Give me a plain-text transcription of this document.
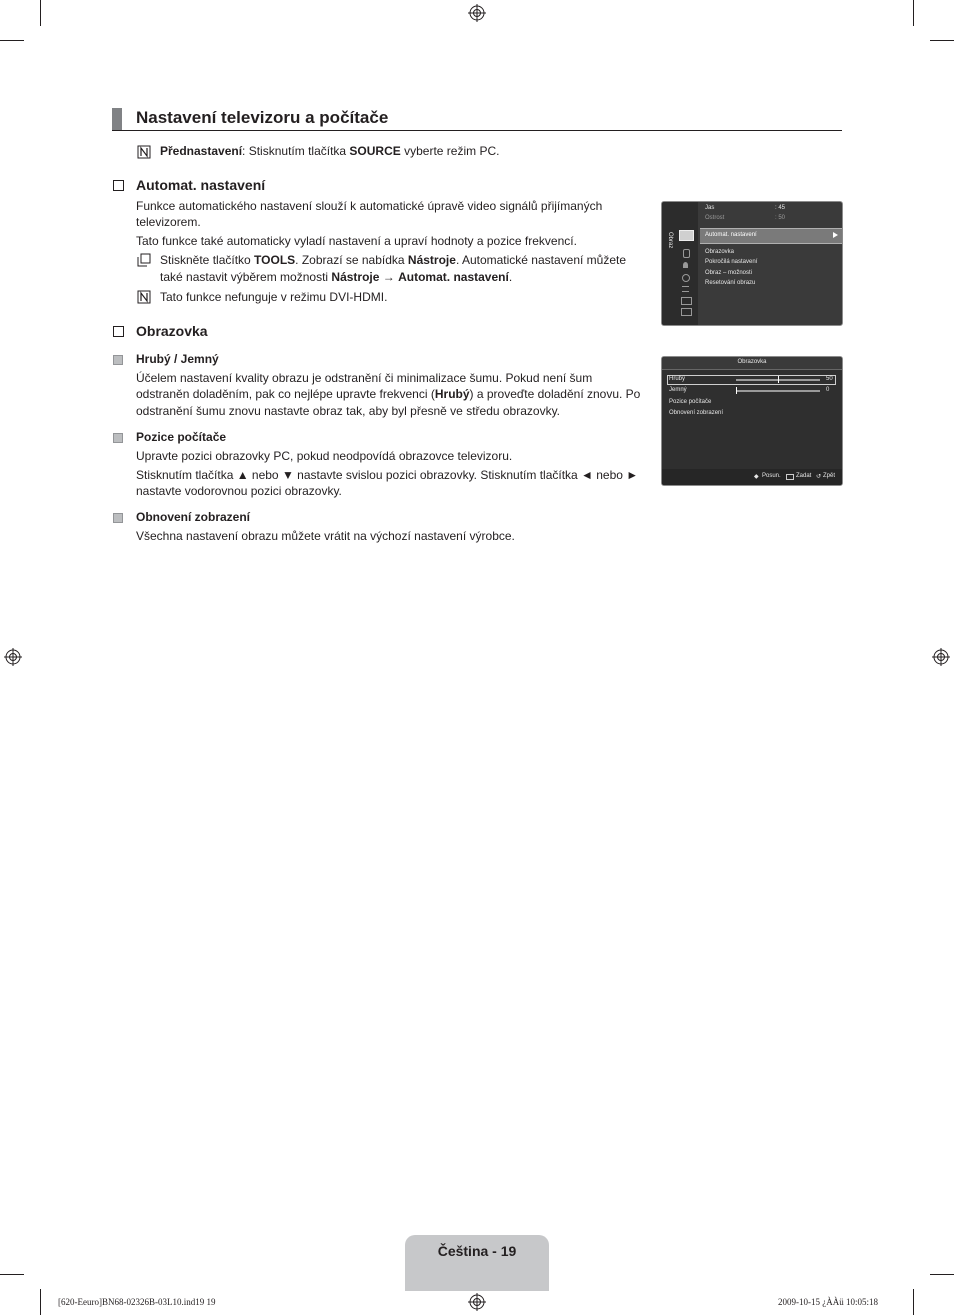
Nastavení televizoru a počítače
Přednastavení: Stisknutím tlačítka SOURCE vyberte režim PC.
Automat. nastavení
Funkce automatického nastavení slouží k automatické úpravě video signálů přijímaných
televizorem.
Tato funkce také automaticky vyladí nastavení a upraví hodnoty a pozice frekvencí.
Stiskněte tlačítko TOOLS. Zobrazí se nabídka Nástroje. Automatické nastavení můžete
také nastavit výběrem možnosti Nástroje → Automat. nastavení.
Tato funkce nefunguje v režimu DVI-HDMI.
Obrazovka
Hrubý / Jemný
Účelem nastavení kvality obrazu je odstranění či minimalizace šumu. Pokud není šum
odstraněn doladěním, pak co nejlépe upravte frekvenci (Hrubý) a proveďte doladění znovu. Po
odstranění šumu znovu nastavte obraz tak, aby byl přesně ve středu obrazovky.
Pozice počítače
Upravte pozici obrazovky PC, pokud neodpovídá obrazovce televizoru.
Stisknutím tlačítka ▲ nebo ▼ nastavte svislou pozici obrazovky. Stisknutím tlačítka ◄ nebo ►
nastavte vodorovnou pozici obrazovky.
Obnovení zobrazení
Všechna nastavení obrazu můžete vrátit na výchozí nastavení výrobce.
Obraz
Jas	: 45
Ostrost	: 50
Automat. nastavení
Obrazovka
Pokročilá nastavení
Obraz – možnosti
Resetování obrazu
Obrazovka
Hrubý	50
Jemný	0
Pozice počítače
Obnovení zobrazení
◆ Posun.	Zadat ↺ Zpět
Čeština - 19
[620-Eeuro]BN68-02326B-03L10.ind19 19	2009-10-15 ¿ÀÀü 10:05:18
